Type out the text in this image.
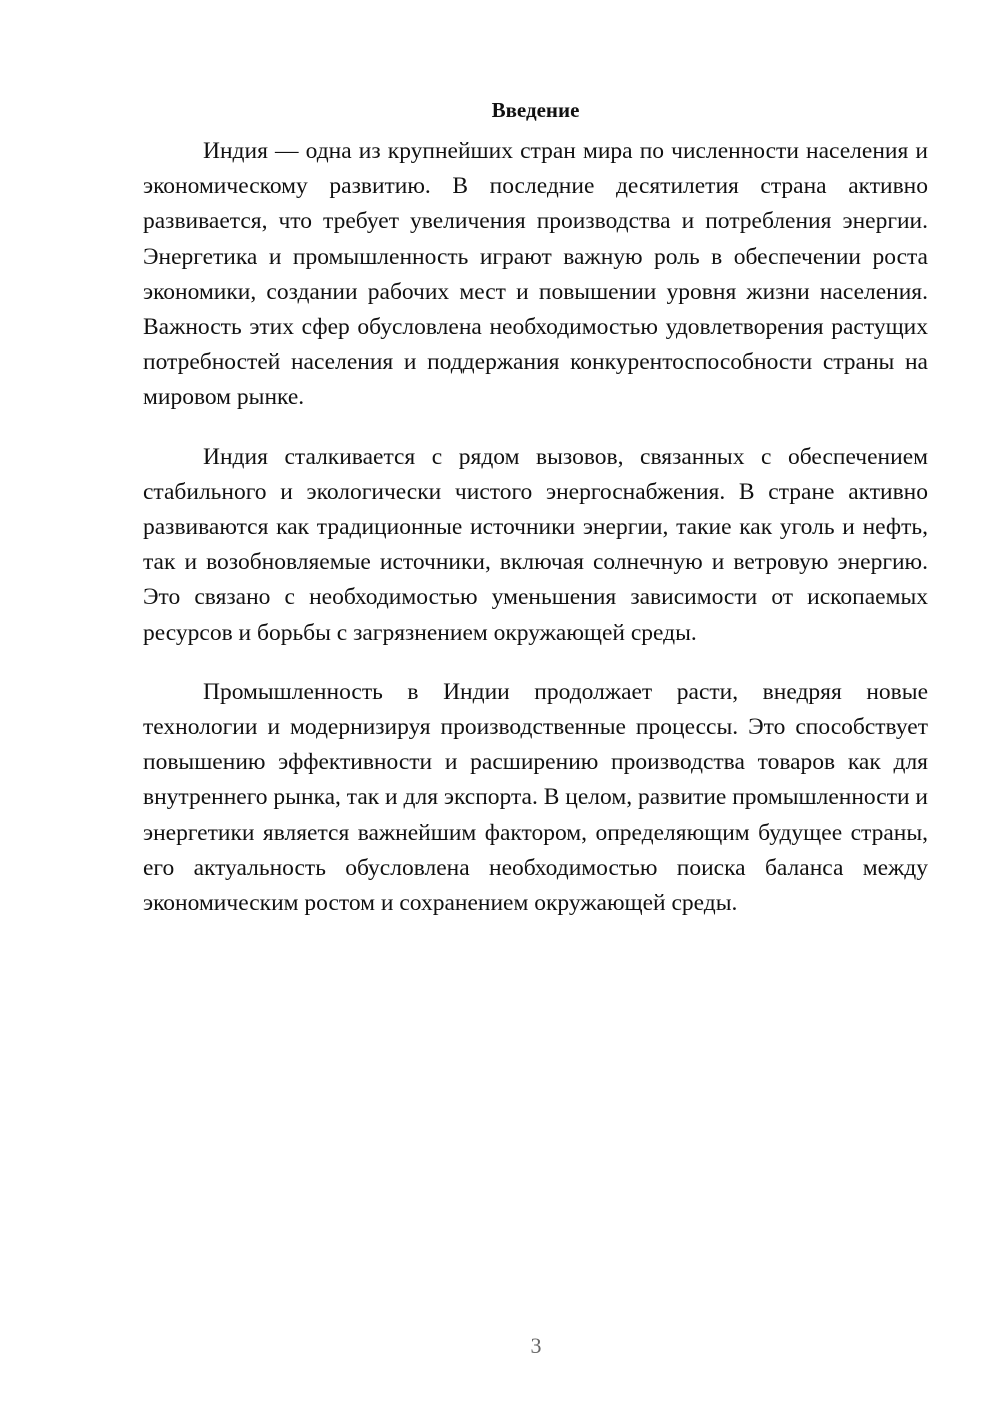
Введение

Индия — одна из крупнейших стран мира по численности населения и экономическому развитию. В последние десятилетия страна активно развивается, что требует увеличения производства и потребления энергии. Энергетика и промышленность играют важную роль в обеспечении роста экономики, создании рабочих мест и повышении уровня жизни населения. Важность этих сфер обусловлена необходимостью удовлетворения растущих потребностей населения и поддержания конкурентоспособности страны на мировом рынке.

Индия сталкивается с рядом вызовов, связанных с обеспечением стабильного и экологически чистого энергоснабжения. В стране активно развиваются как традиционные источники энергии, такие как уголь и нефть, так и возобновляемые источники, включая солнечную и ветровую энергию. Это связано с необходимостью уменьшения зависимости от ископаемых ресурсов и борьбы с загрязнением окружающей среды.

Промышленность в Индии продолжает расти, внедряя новые технологии и модернизируя производственные процессы. Это способствует повышению эффективности и расширению производства товаров как для внутреннего рынка, так и для экспорта. В целом, развитие промышленности и энергетики является важнейшим фактором, определяющим будущее страны, его актуальность обусловлена необходимостью поиска баланса между экономическим ростом и сохранением окружающей среды.

3
